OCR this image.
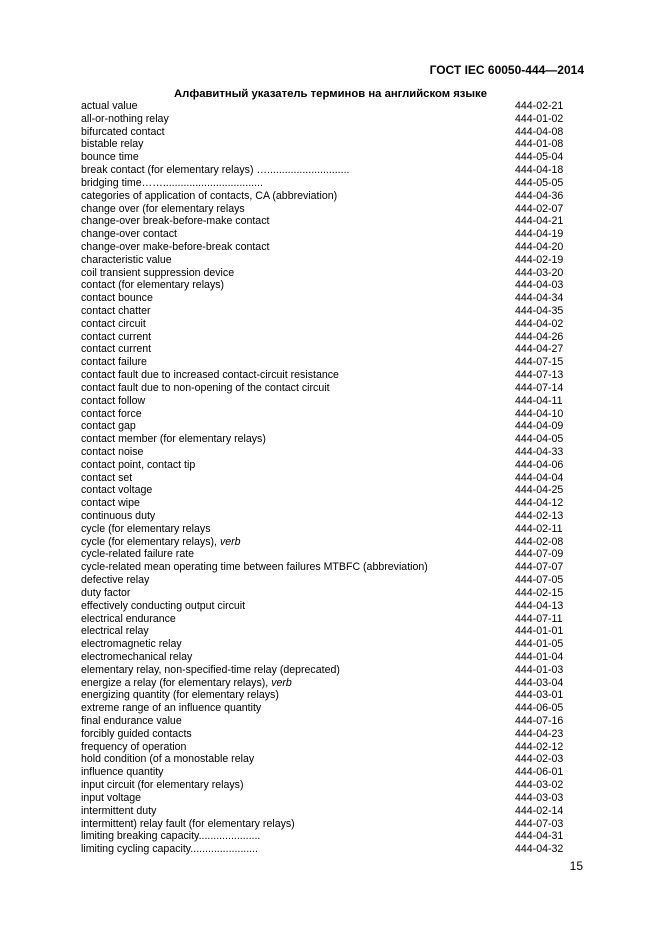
ГОСТ IEC 60050-444—2014

Алфавитный указатель терминов на английском языке

actual value	444-02-21
all-or-nothing relay	444-01-02
bifurcated contact	444-04-08
bistable relay	444-01-08
bounce time	444-05-04
break contact (for elementary relays) …............................	444-04-18
bridging time……..................................	444-05-05
categories of application of contacts, CA (abbreviation)	444-04-36
change over (for elementary relays	444-02-07
change-over break-before-make contact	444-04-21
change-over contact	444-04-19
change-over make-before-break contact	444-04-20
characteristic value	444-02-19
coil transient suppression device	444-03-20
contact (for elementary relays)	444-04-03
contact bounce	444-04-34
contact chatter	444-04-35
contact circuit	444-04-02
contact current	444-04-26
contact current	444-04-27
contact failure	444-07-15
contact fault due to increased contact-circuit resistance	444-07-13
contact fault due to non-opening of the contact circuit	444-07-14
contact follow	444-04-11
contact force	444-04-10
contact gap	444-04-09
contact member (for elementary relays)	444-04-05
contact noise	444-04-33
contact point, contact tip	444-04-06
contact set	444-04-04
contact voltage	444-04-25
contact wipe	444-04-12
continuous duty	444-02-13
cycle (for elementary relays	444-02-11
cycle (for elementary relays), verb	444-02-08
cycle-related failure rate	444-07-09
cycle-related mean operating time between failures MTBFC (abbreviation)	444-07-07
defective relay	444-07-05
duty factor	444-02-15
effectively conducting output circuit	444-04-13
electrical endurance	444-07-11
electrical relay	444-01-01
electromagnetic relay	444-01-05
electromechanical relay	444-01-04
elementary relay, non-specified-time relay (deprecated)	444-01-03
energize a relay (for elementary relays), verb	444-03-04
energizing quantity (for elementary relays)	444-03-01
extreme range of an influence quantity	444-06-05
final endurance value	444-07-16
forcibly guided contacts	444-04-23
frequency of operation	444-02-12
hold condition (of a monostable relay	444-02-03
influence quantity	444-06-01
input circuit (for elementary relays)	444-03-02
input voltage	444-03-03
intermittent duty	444-02-14
intermittent) relay fault (for elementary relays)	444-07-03
limiting breaking capacity.....................	444-04-31
limiting cycling capacity.......................	444-04-32

15
